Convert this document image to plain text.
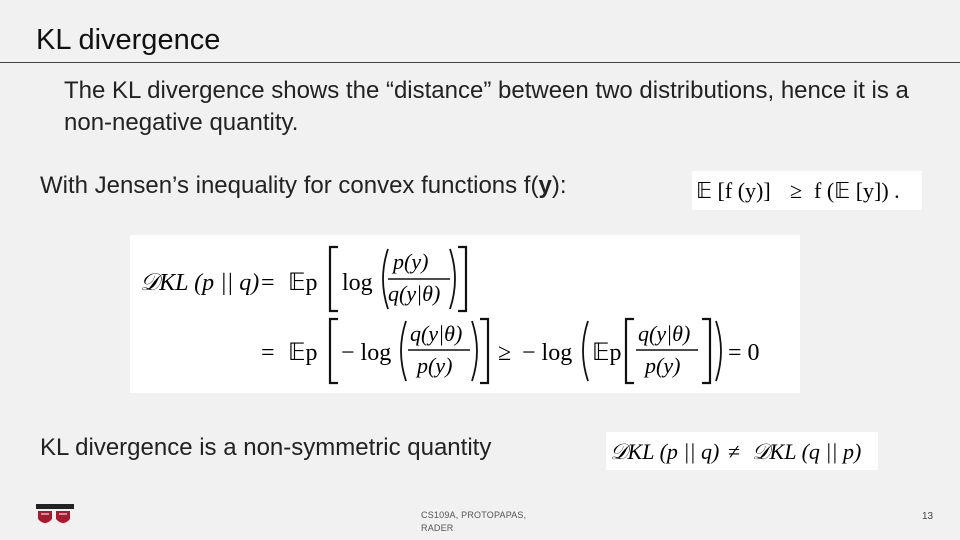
KL divergence
The KL divergence shows the “distance” between two distributions, hence it is a non-negative quantity.
With Jensen’s inequality for convex functions f(y):	𝔼 [f (y)] ≥ f (𝔼 [y]) .
𝒟KL (p || q) = 𝔼p log
p(y)
q(y|θ)
= 𝔼p − log
q(y|θ)
p(y) ≥ − log 𝔼p
q(y|θ)
p(y) = 0
KL divergence is a non-symmetric quantity	𝒟KL (p || q) ≠ 𝒟KL (q || p)
CS109A, PROTOPAPAS,
RADER
13
